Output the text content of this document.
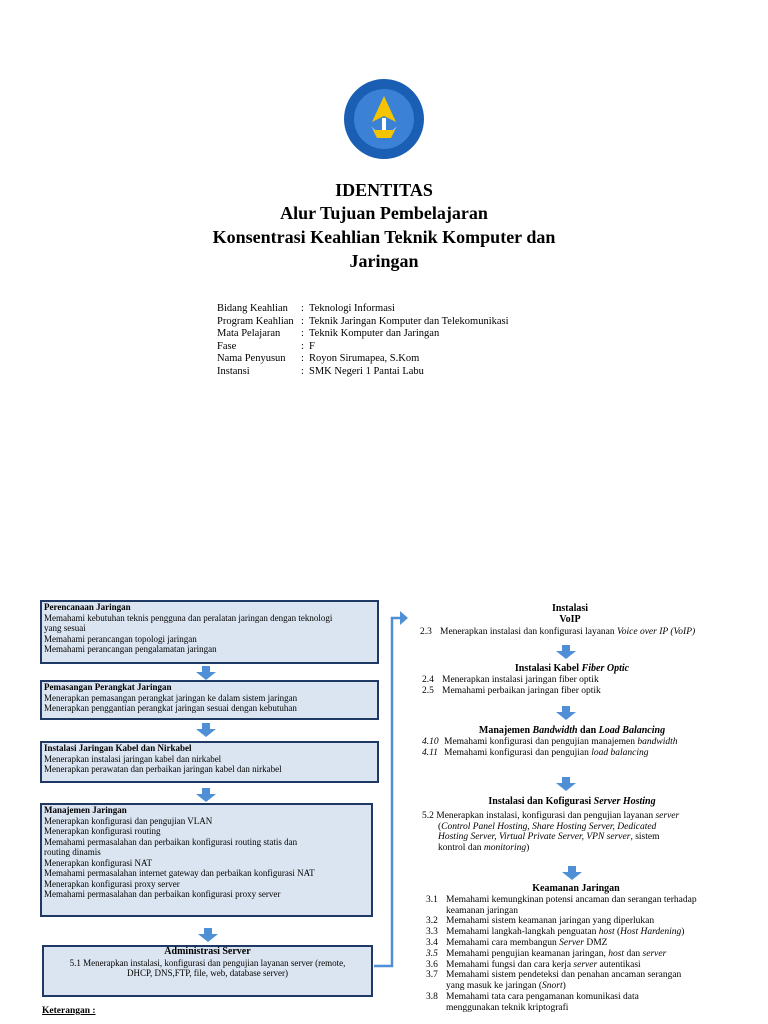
IDENTITAS
Alur Tujuan Pembelajaran
Konsentrasi Keahlian Teknik Komputer dan
Jaringan
Bidang Keahlian	: Teknologi Informasi
Program Keahlian : Teknik Jaringan Komputer dan Telekomunikasi
Mata Pelajaran	: Teknik Komputer dan Jaringan
Fase	: F
Nama Penyusun	: Royon Sirumapea, S.Kom
Instansi	: SMK Negeri 1 Pantai Labu
Perencanaan Jaringan
Memahami kebutuhan teknis pengguna dan peralatan jaringan dengan teknologi
yang sesuai
Memahami perancangan topologi jaringan
Memahami perancangan pengalamatan jaringan
Pemasangan Perangkat Jaringan
Menerapkan pemasangan perangkat jaringan ke dalam sistem jaringan
Menerapkan penggantian perangkat jaringan sesuai dengan kebutuhan
Instalasi Jaringan Kabel dan Nirkabel
Menerapkan instalasi jaringan kabel dan nirkabel
Menerapkan perawatan dan perbaikan jaringan kabel dan nirkabel
Manajemen Jaringan
Menerapkan konfigurasi dan pengujian VLAN
Menerapkan konfigurasi routing
Memahami permasalahan dan perbaikan konfigurasi routing statis dan
routing dinamis
Menerapkan konfigurasi NAT
Memahami permasalahan internet gateway dan perbaikan konfigurasi NAT
Menerapkan konfigurasi proxy server
Memahami permasalahan dan perbaikan konfigurasi proxy server
Administrasi Server
5.1 Menerapkan instalasi, konfigurasi dan pengujian layanan server (remote,
DHCP, DNS,FTP, file, web, database server)
Instalasi
VoIP
2.3 Menerapkan instalasi dan konfigurasi layanan Voice over IP (VoIP)
Instalasi Kabel Fiber Optic
2.4 Menerapkan instalasi jaringan fiber optik
2.5 Memahami perbaikan jaringan fiber optik
Manajemen Bandwidth dan Load Balancing
4.10 Memahami konfigurasi dan pengujian manajemen bandwidth
4.11 Memahami konfigurasi dan pengujian load balancing
Instalasi dan Kofigurasi Server Hosting
5.2 Menerapkan instalasi, konfigurasi dan pengujian layanan server
(Control Panel Hosting, Share Hosting Server, Dedicated
Hosting Server, Virtual Private Server, VPN server, sistem
kontrol dan monitoring)
Keamanan Jaringan
3.1 Memahami kemungkinan potensi ancaman dan serangan terhadap
keamanan jaringan
3.2 Memahami sistem keamanan jaringan yang diperlukan
3.3 Memahami langkah-langkah penguatan host (Host Hardening)
3.4 Memahami cara membangun Server DMZ
3.5 Memahami pengujian keamanan jaringan, host dan server
3.6 Memahami fungsi dan cara kerja server autentikasi
3.7 Memahami sistem pendeteksi dan penahan ancaman serangan
yang masuk ke jaringan (Snort)
3.8 Memahami tata cara pengamanan komunikasi data
menggunakan teknik kriptografi
Keterangan :
